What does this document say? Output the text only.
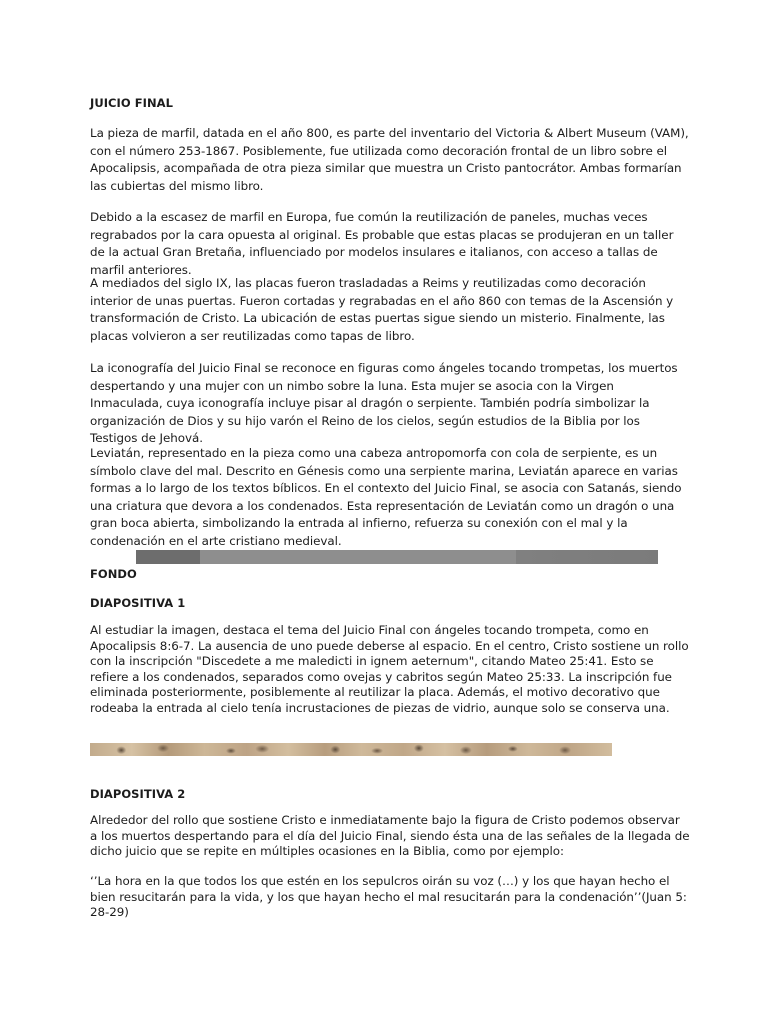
JUICIO FINAL

La pieza de marfil, datada en el año 800, es parte del inventario del Victoria & Albert Museum (VAM), con el número 253-1867. Posiblemente, fue utilizada como decoración frontal de un libro sobre el Apocalipsis, acompañada de otra pieza similar que muestra un Cristo pantocrátor. Ambas formarían las cubiertas del mismo libro.

Debido a la escasez de marfil en Europa, fue común la reutilización de paneles, muchas veces regrabados por la cara opuesta al original. Es probable que estas placas se produjeran en un taller de la actual Gran Bretaña, influenciado por modelos insulares e italianos, con acceso a tallas de marfil anteriores.

A mediados del siglo IX, las placas fueron trasladadas a Reims y reutilizadas como decoración interior de unas puertas. Fueron cortadas y regrabadas en el año 860 con temas de la Ascensión y transformación de Cristo. La ubicación de estas puertas sigue siendo un misterio. Finalmente, las placas volvieron a ser reutilizadas como tapas de libro.

La iconografía del Juicio Final se reconoce en figuras como ángeles tocando trompetas, los muertos despertando y una mujer con un nimbo sobre la luna. Esta mujer se asocia con la Virgen Inmaculada, cuya iconografía incluye pisar al dragón o serpiente. También podría simbolizar la organización de Dios y su hijo varón el Reino de los cielos, según estudios de la Biblia por los Testigos de Jehová.

Leviatán, representado en la pieza como una cabeza antropomorfa con cola de serpiente, es un símbolo clave del mal. Descrito en Génesis como una serpiente marina, Leviatán aparece en varias formas a lo largo de los textos bíblicos. En el contexto del Juicio Final, se asocia con Satanás, siendo una criatura que devora a los condenados. Esta representación de Leviatán como un dragón o una gran boca abierta, simbolizando la entrada al infierno, refuerza su conexión con el mal y la condenación en el arte cristiano medieval.

FONDO
DIAPOSITIVA 1

Al estudiar la imagen, destaca el tema del Juicio Final con ángeles tocando trompeta, como en Apocalipsis 8:6-7. La ausencia de uno puede deberse al espacio. En el centro, Cristo sostiene un rollo con la inscripción "Discedete a me maledicti in ignem aeternum", citando Mateo 25:41. Esto se refiere a los condenados, separados como ovejas y cabritos según Mateo 25:33. La inscripción fue eliminada posteriormente, posiblemente al reutilizar la placa. Además, el motivo decorativo que rodeaba la entrada al cielo tenía incrustaciones de piezas de vidrio, aunque solo se conserva una.

DIAPOSITIVA 2

Alrededor del rollo que sostiene Cristo e inmediatamente bajo la figura de Cristo podemos observar a los muertos despertando para el día del Juicio Final, siendo ésta una de las señales de la llegada de dicho juicio que se repite en múltiples ocasiones en la Biblia, como por ejemplo:

‘’La hora en la que todos los que estén en los sepulcros oirán su voz (…) y los que hayan hecho el bien resucitarán para la vida, y los que hayan hecho el mal resucitarán para la condenación’’(Juan 5: 28-29)
